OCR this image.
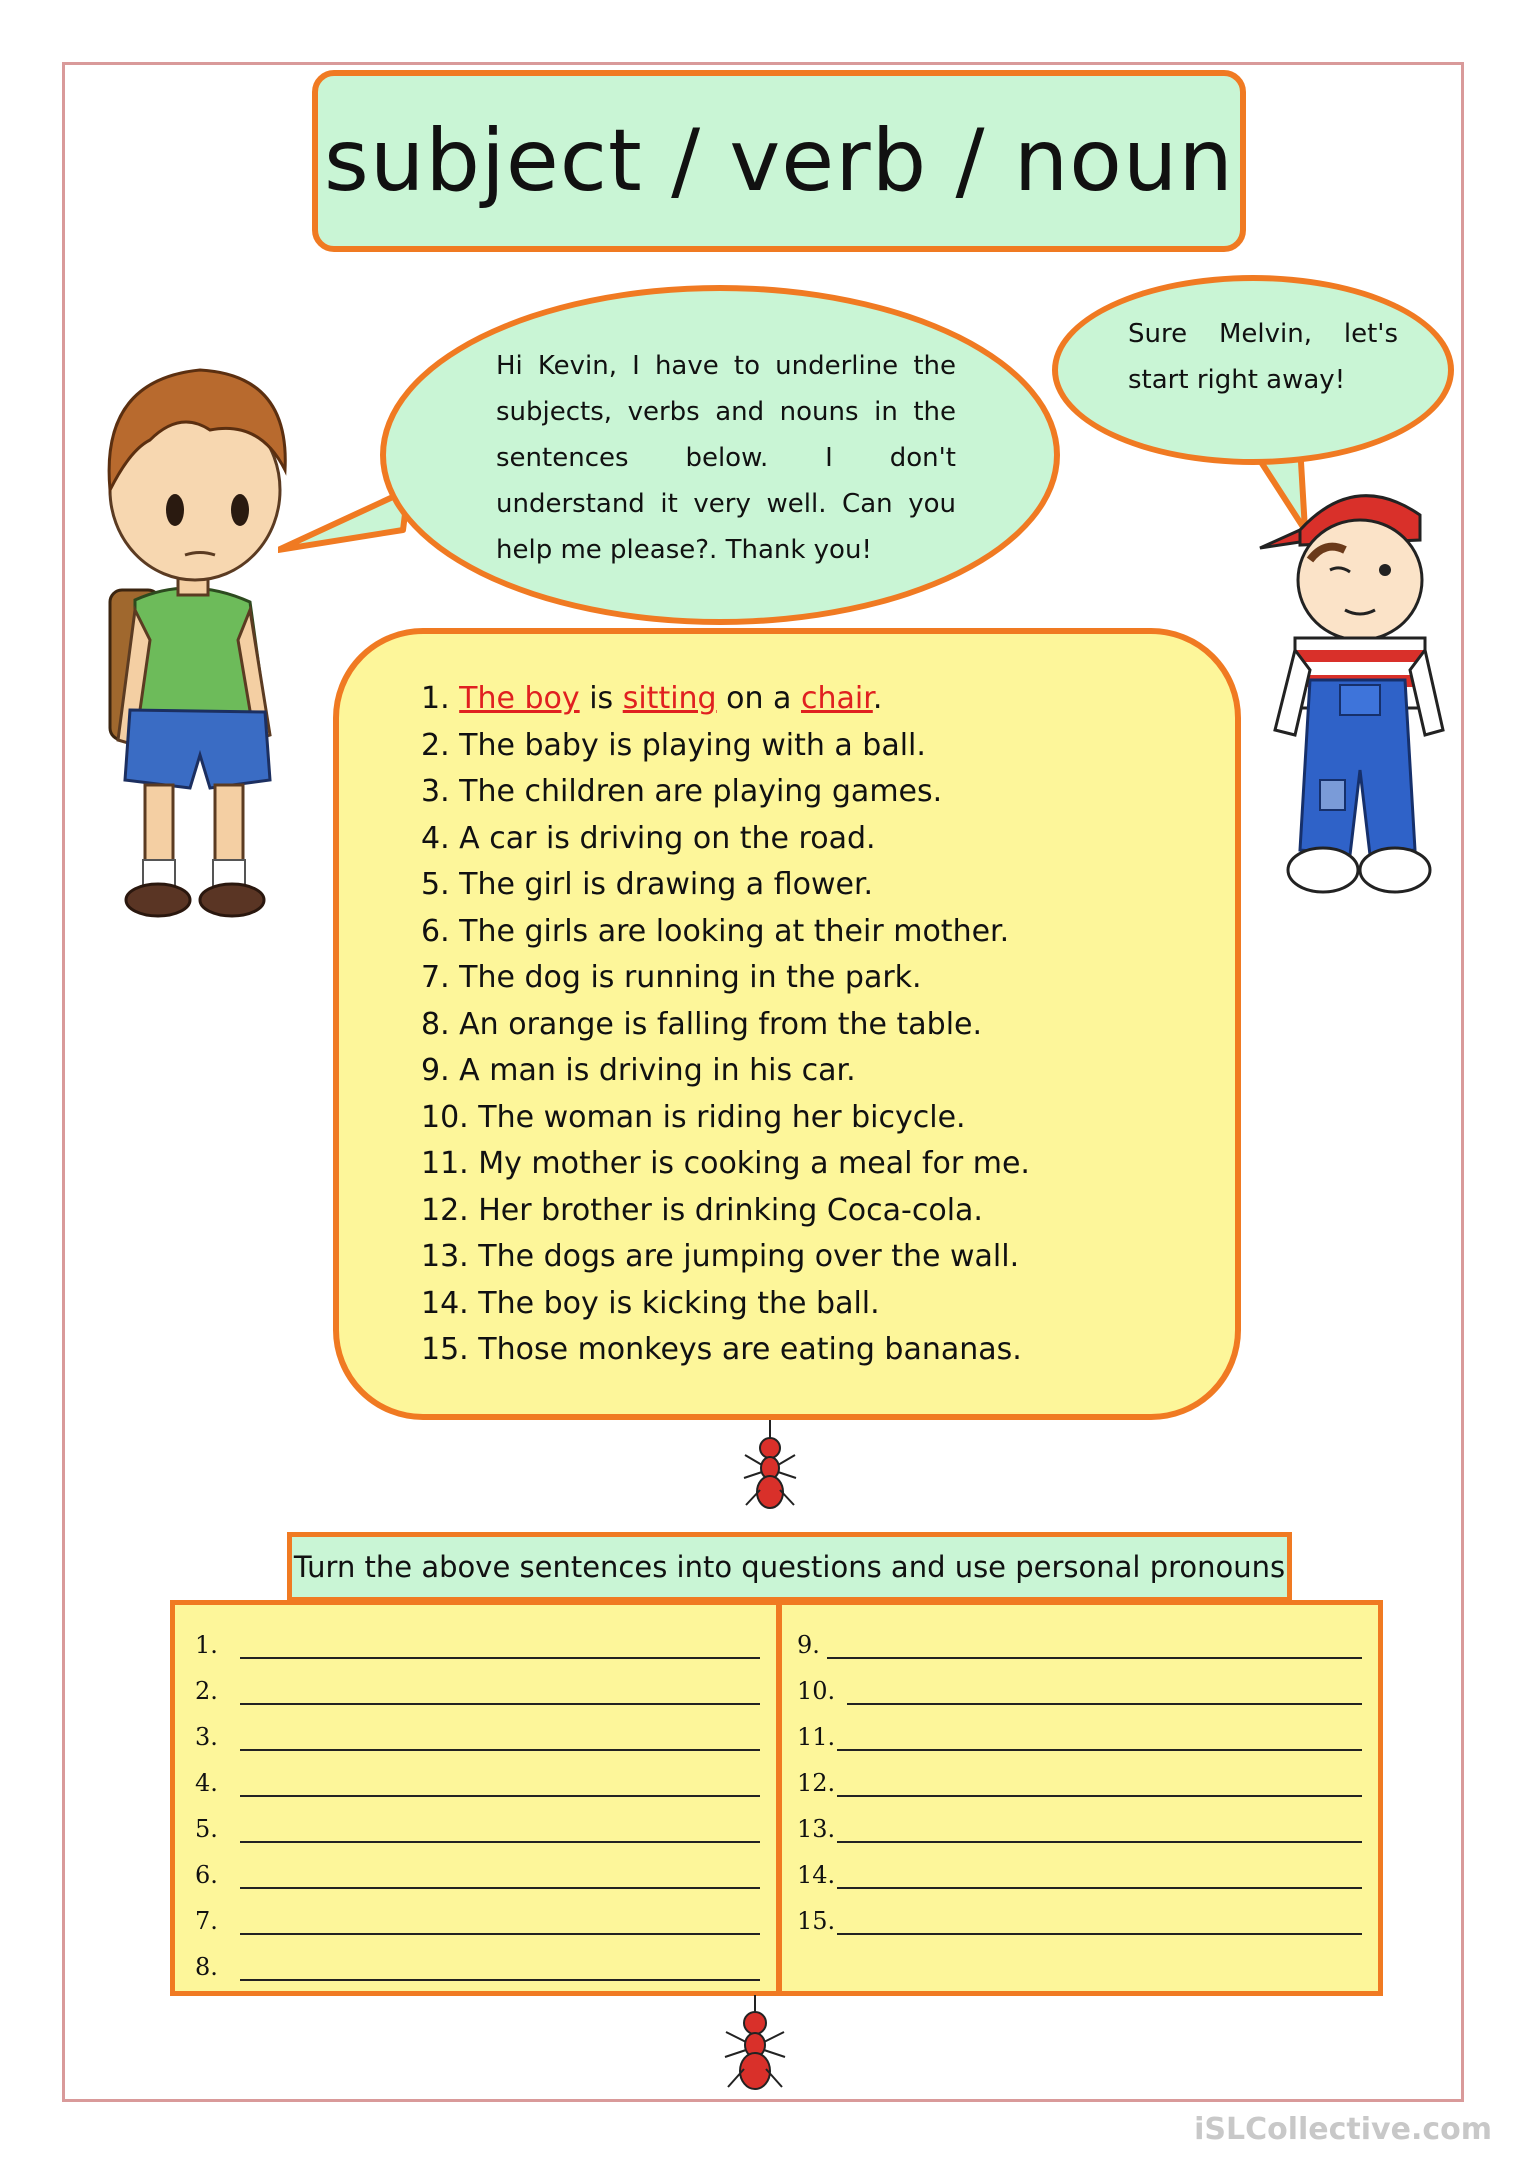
subject / verb / noun
Hi Kevin, I have to underline the subjects, verbs and nouns in the sentences below. I don't understand it very well. Can you help me please?. Thank you!
Sure Melvin, let's start right away!
1. The boy is sitting on a chair.
2. The baby is playing with a ball.
3. The children are playing games.
4. A car is driving on the road.
5. The girl is drawing a flower.
6. The girls are looking at their mother.
7. The dog is running in the park.
8. An orange is falling from the table.
9. A man is driving in his car.
10. The woman is riding her bicycle.
11. My mother is cooking a meal for me.
12. Her brother is drinking Coca-cola.
13. The dogs are jumping over the wall.
14. The boy is kicking the ball.
15. Those monkeys are eating bananas.
Turn the above sentences into questions and use personal pronouns
1.
2.
3.
4.
5.
6.
7.
8.
9.
10.
11.
12.
13.
14.
15.
iSLCollective.com
